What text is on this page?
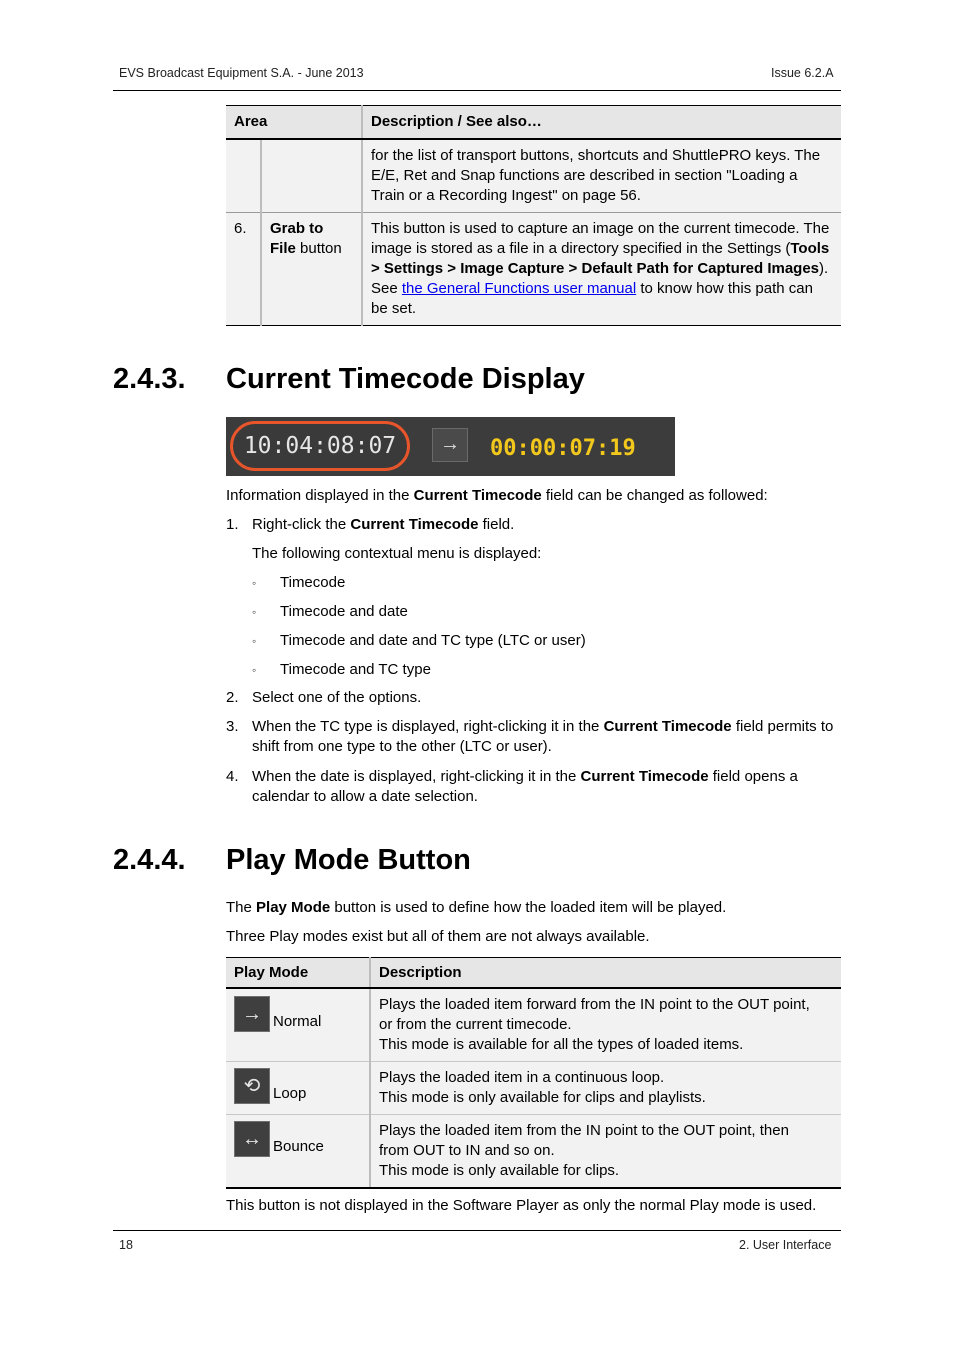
EVS Broadcast Equipment S.A. - June 2013	Issue 6.2.A
Area		Description / See also…
		for the list of transport buttons, shortcuts and ShuttlePRO keys. The E/E, Ret and Snap functions are described in section "Loading a Train or a Recording Ingest" on page 56.
6.	Grab to File button	This button is used to capture an image on the current timecode. The image is stored as a file in a directory specified in the Settings (Tools > Settings > Image Capture > Default Path for Captured Images). See the General Functions user manual to know how this path can be set.
2.4.3. Current Timecode Display
10:04:08:07	→	00:00:07:19
Information displayed in the Current Timecode field can be changed as followed:
1. Right-click the Current Timecode field.
The following contextual menu is displayed:
◦ Timecode
◦ Timecode and date
◦ Timecode and date and TC type (LTC or user)
◦ Timecode and TC type
2. Select one of the options.
3. When the TC type is displayed, right-clicking it in the Current Timecode field permits to shift from one type to the other (LTC or user).
4. When the date is displayed, right-clicking it in the Current Timecode field opens a calendar to allow a date selection.
2.4.4. Play Mode Button
The Play Mode button is used to define how the loaded item will be played.
Three Play modes exist but all of them are not always available.
Play Mode	Description
→ Normal	Plays the loaded item forward from the IN point to the OUT point,
or from the current timecode.
This mode is available for all the types of loaded items.

⟲ Loop	Plays the loaded item in a continuous loop.
This mode is only available for clips and playlists.

↔ Bounce	Plays the loaded item from the IN point to the OUT point, then
from OUT to IN and so on.
This mode is only available for clips.
This button is not displayed in the Software Player as only the normal Play mode is used.
18	2. User Interface
